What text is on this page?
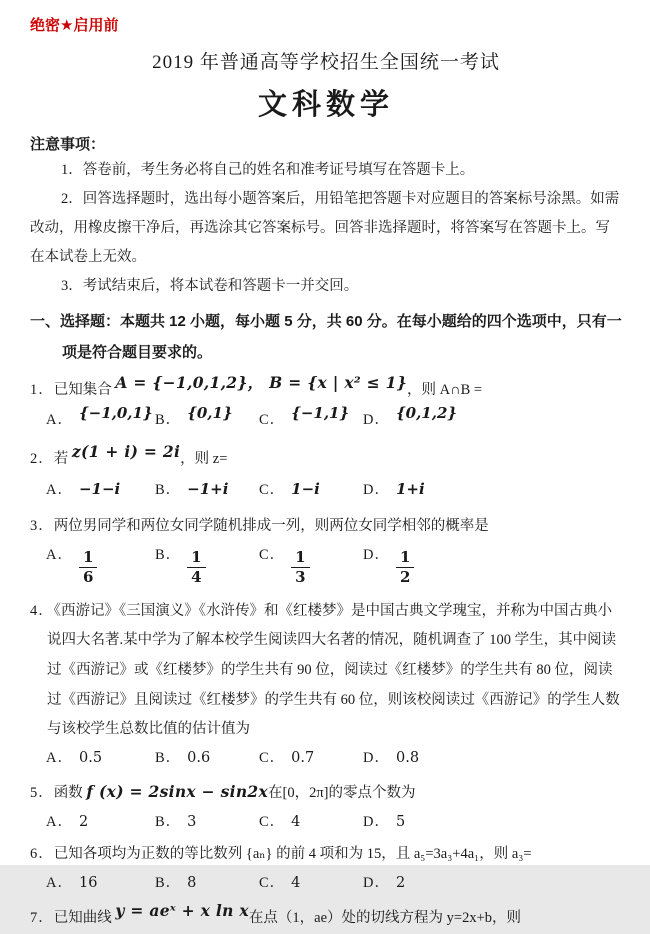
绝密★启用前
2019 年普通高等学校招生全国统一考试
文科数学
注意事项：

1．答卷前，考生务必将自己的姓名和准考证号填写在答题卡上。

2．回答选择题时，选出每小题答案后，用铅笔把答题卡对应题目的答案标号涂黑。如需改动，用橡皮擦干净后，再选涂其它答案标号。回答非选择题时，将答案写在答题卡上。写在本试卷上无效。

3．考试结束后，将本试卷和答题卡一并交回。

一、选择题：本题共 12 小题，每小题 5 分，共 60 分。在每小题给的四个选项中，只有一项是符合题目要求的。

1．已知集合 A = {−1,0,1,2}， B = {x | x² ≤ 1}，则 A∩B =

A． {−1,0,1} B． {0,1}	C． {−1,1} D． {0,1,2}

2．若 z(1 + i) = 2i，则 z=

A． −1−i	B． −1+i	C． 1−i	D． 1+i

3．两位男同学和两位女同学随机排成一列，则两位女同学相邻的概率是

A． $\frac{1}{6}$	B． $\frac{1}{4}$	C． $\frac{1}{3}$	D． $\frac{1}{2}$

4．《西游记》《三国演义》《水浒传》和《红楼梦》是中国古典文学瑰宝，并称为中国古典小说四大名著.某中学为了解本校学生阅读四大名著的情况，随机调查了 100 学生，其中阅读过《西游记》或《红楼梦》的学生共有 90 位，阅读过《红楼梦》的学生共有 80 位，阅读过《西游记》且阅读过《红楼梦》的学生共有 60 位，则该校阅读过《西游记》的学生人数与该校学生总数比值的估计值为

A． 0.5	B． 0.6	C． 0.7	D． 0.8

5．函数 f (x) = 2sinx − sin2x在[0，2π]的零点个数为

A． 2	B． 3	C． 4	D． 5

6．已知各项均为正数的等比数列 {aₙ} 的前 4 项和为 15，且 a₅=3a₃+4a₁，则 a₃=

A． 16	B． 8	C． 4	D． 2

7．已知曲线 y = aeˣ + x ln x在点（1，ae）处的切线方程为 y=2x+b，则
